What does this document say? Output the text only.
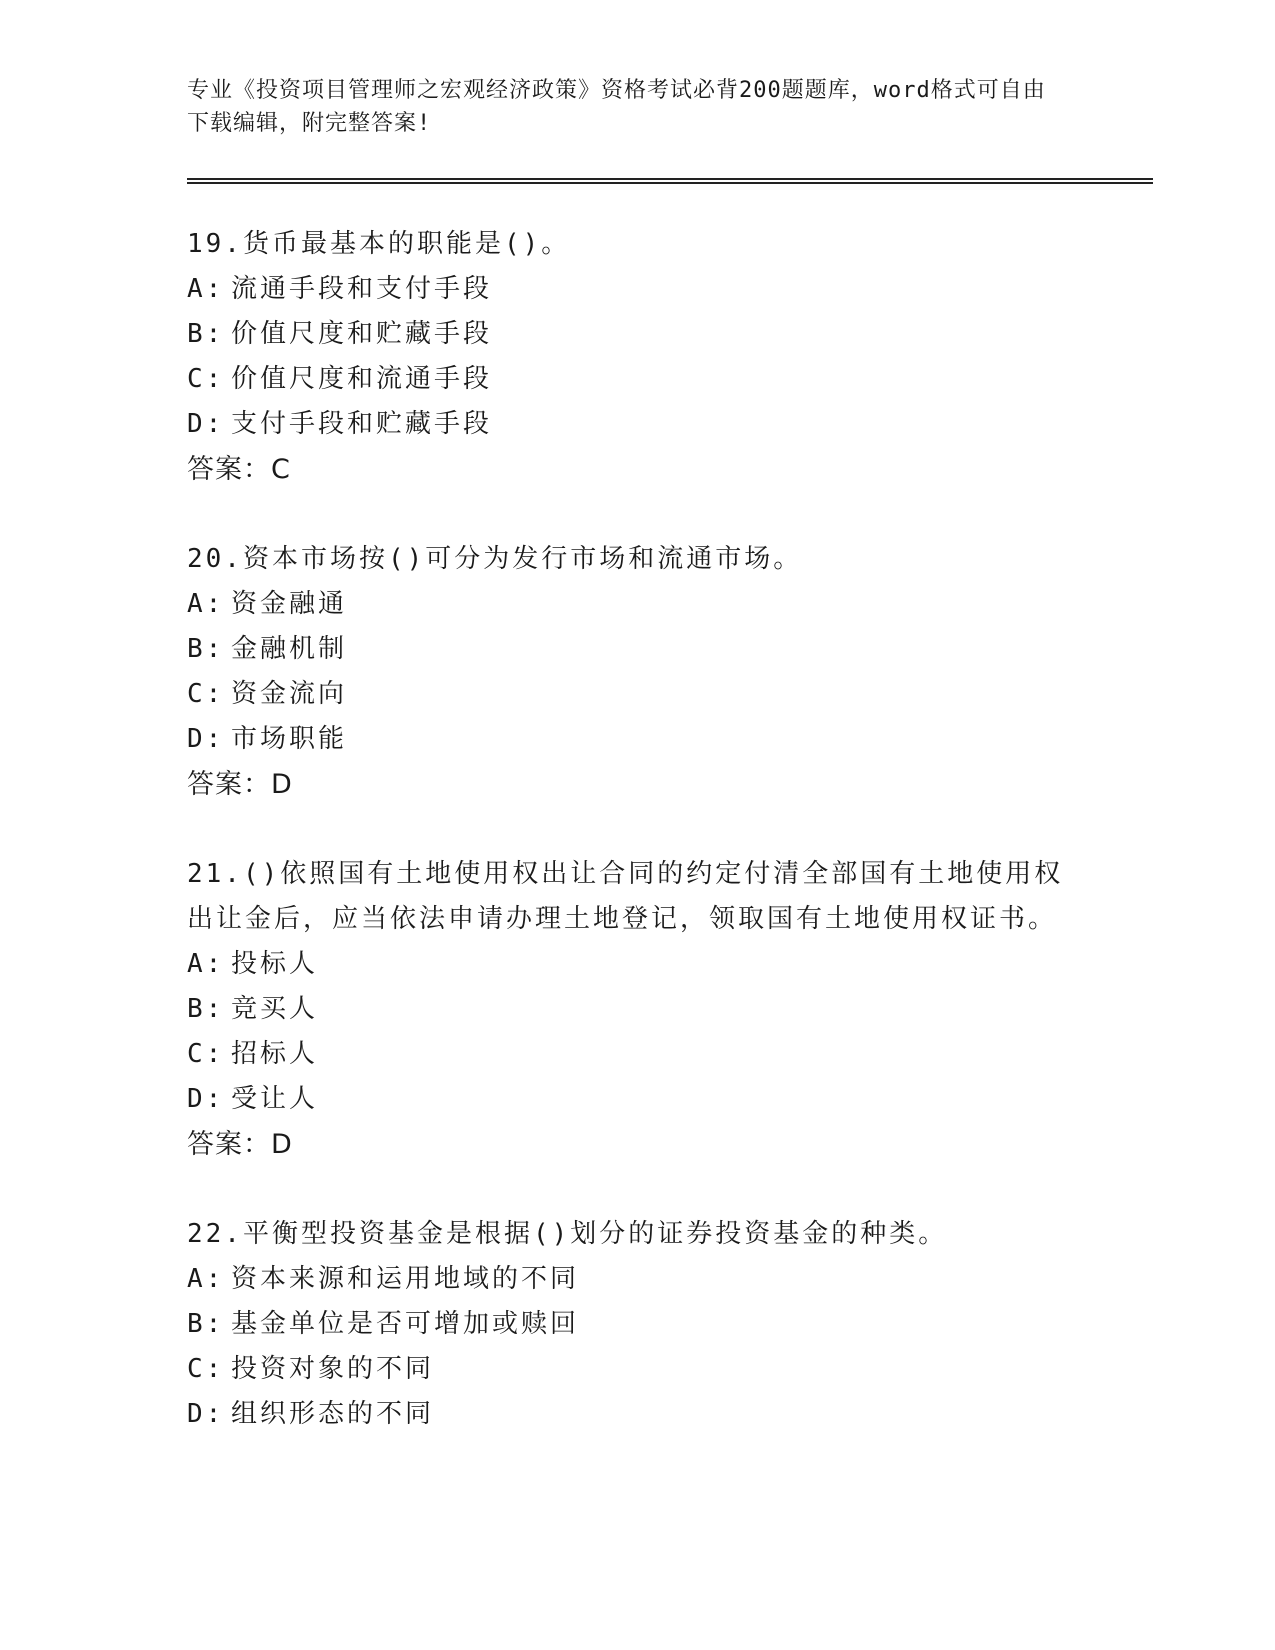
专业《投资项目管理师之宏观经济政策》资格考试必背200题题库，word格式可自由下载编辑，附完整答案!
19.货币最基本的职能是()。
A: 流通手段和支付手段
B: 价值尺度和贮藏手段
C: 价值尺度和流通手段
D: 支付手段和贮藏手段
答案：C
20.资本市场按()可分为发行市场和流通市场。
A: 资金融通
B: 金融机制
C: 资金流向
D: 市场职能
答案：D
21.()依照国有土地使用权出让合同的约定付清全部国有土地使用权出让金后，应当依法申请办理土地登记，领取国有土地使用权证书。
A: 投标人
B: 竞买人
C: 招标人
D: 受让人
答案：D
22.平衡型投资基金是根据()划分的证券投资基金的种类。
A: 资本来源和运用地域的不同
B: 基金单位是否可增加或赎回
C: 投资对象的不同
D: 组织形态的不同
